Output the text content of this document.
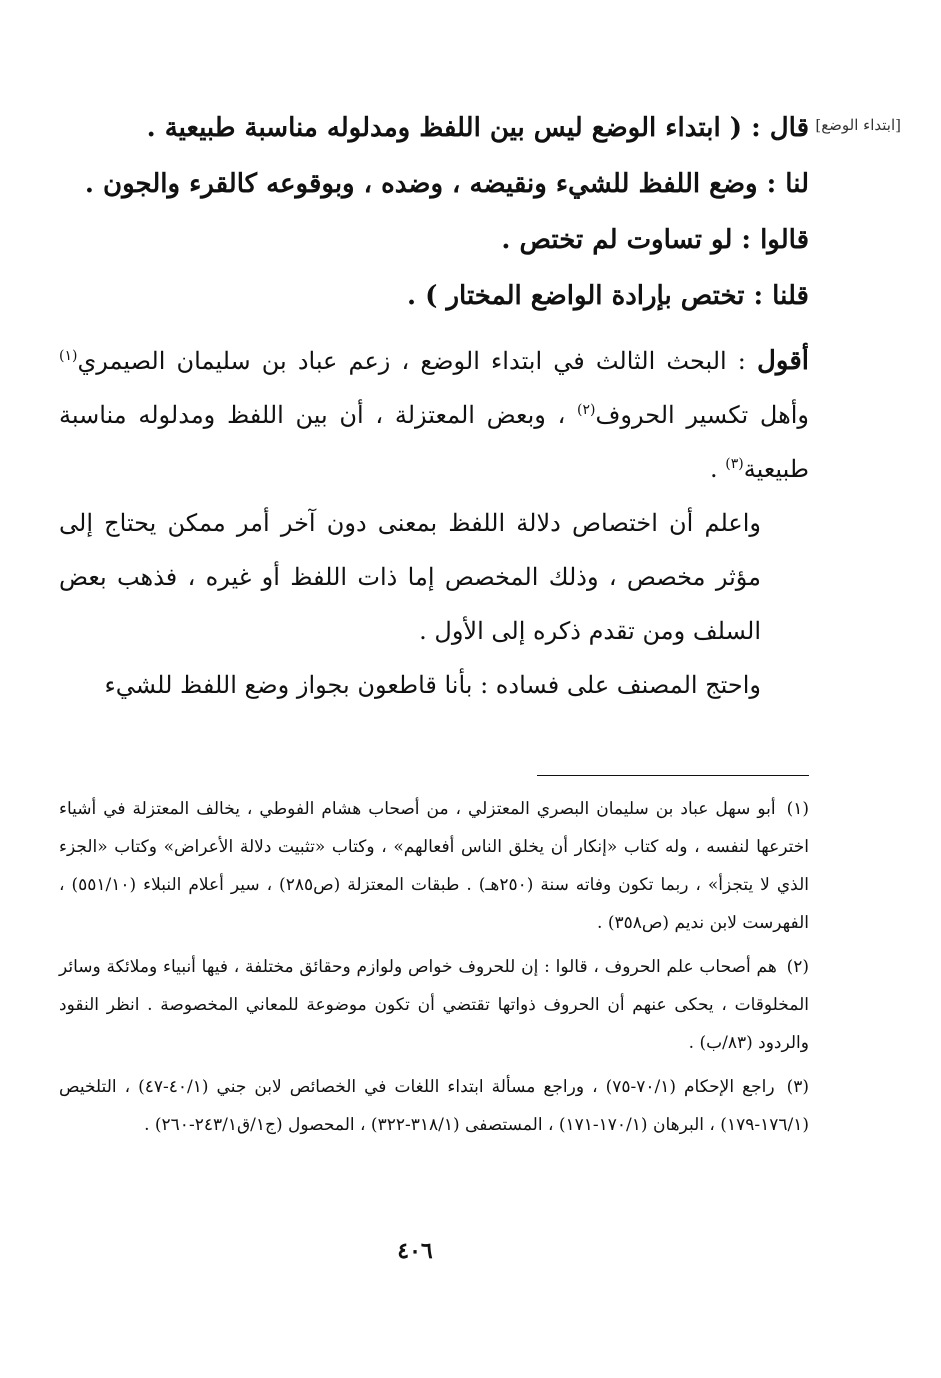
[ابتداء الوضع]

قال : ( ابتداء الوضع ليس بين اللفظ ومدلوله مناسبة طبيعية .

لنا : وضع اللفظ للشيء ونقيضه ، وضده ، وبوقوعه كالقرء والجون .

قالوا : لو تساوت لم تختص .

قلنا : تختص بإرادة الواضع المختار ) .

أقول : البحث الثالث في ابتداء الوضع ، زعم عباد بن سليمان الصيمري$^{(١)}$ وأهل تكسير الحروف$^{(٢)}$ ، وبعض المعتزلة ، أن بين اللفظ ومدلوله مناسبة طبيعية$^{(٣)}$ .

واعلم أن اختصاص دلالة اللفظ بمعنى دون آخر أمر ممكن يحتاج إلى مؤثر مخصص ، وذلك المخصص إما ذات اللفظ أو غيره ، فذهب بعض السلف ومن تقدم ذكره إلى الأول .

واحتج المصنف على فساده : بأنا قاطعون بجواز وضع اللفظ للشيء

(١) أبو سهل عباد بن سليمان البصري المعتزلي ، من أصحاب هشام الفوطي ، يخالف المعتزلة في أشياء اخترعها لنفسه ، وله كتاب «إنكار أن يخلق الناس أفعالهم» ، وكتاب «تثبيت دلالة الأعراض» وكتاب «الجزء الذي لا يتجزأ» ، ربما تكون وفاته سنة (٢٥٠هـ) . طبقات المعتزلة (ص٢٨٥) ، سير أعلام النبلاء (٥٥١/١٠) ، الفهرست لابن نديم (ص٣٥٨) .

(٢) هم أصحاب علم الحروف ، قالوا : إن للحروف خواص ولوازم وحقائق مختلفة ، فيها أنبياء وملائكة وسائر المخلوقات ، يحكى عنهم أن الحروف ذواتها تقتضي أن تكون موضوعة للمعاني المخصوصة . انظر النقود والردود (٨٣/ب) .

(٣) راجع الإحكام (٧٠/١-٧٥) ، وراجع مسألة ابتداء اللغات في الخصائص لابن جني (٤٠/١-٤٧) ، التلخيص (١٧٦/١-١٧٩) ، البرهان (١٧٠/١-١٧١) ، المستصفى (٣١٨/١-٣٢٢) ، المحصول (ج١/ق٢٤٣/١-٢٦٠) .

٤٠٦
